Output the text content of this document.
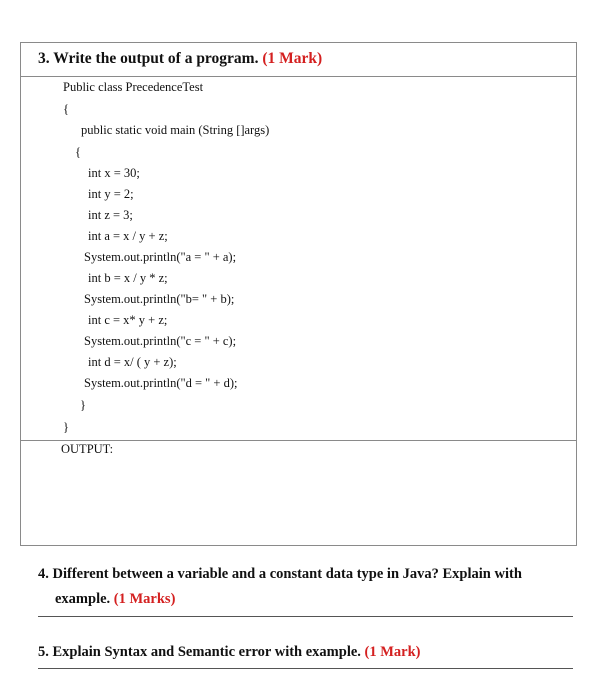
3. Write the output of a program. (1 Mark)
Public class PrecedenceTest
{
public static void main (String []args)
{
int x = 30;
int y = 2;
int z = 3;
int a = x / y + z;
System.out.println("a = " + a);
int b = x / y * z;
System.out.println("b= " + b);
int c = x* y + z;
System.out.println("c = " + c);
int d = x/ ( y + z);
System.out.println("d = " + d);
}
}
OUTPUT:
4. Different between a variable and a constant data type in Java? Explain with
example. (1 Marks)
5. Explain Syntax and Semantic error with example. (1 Mark)
